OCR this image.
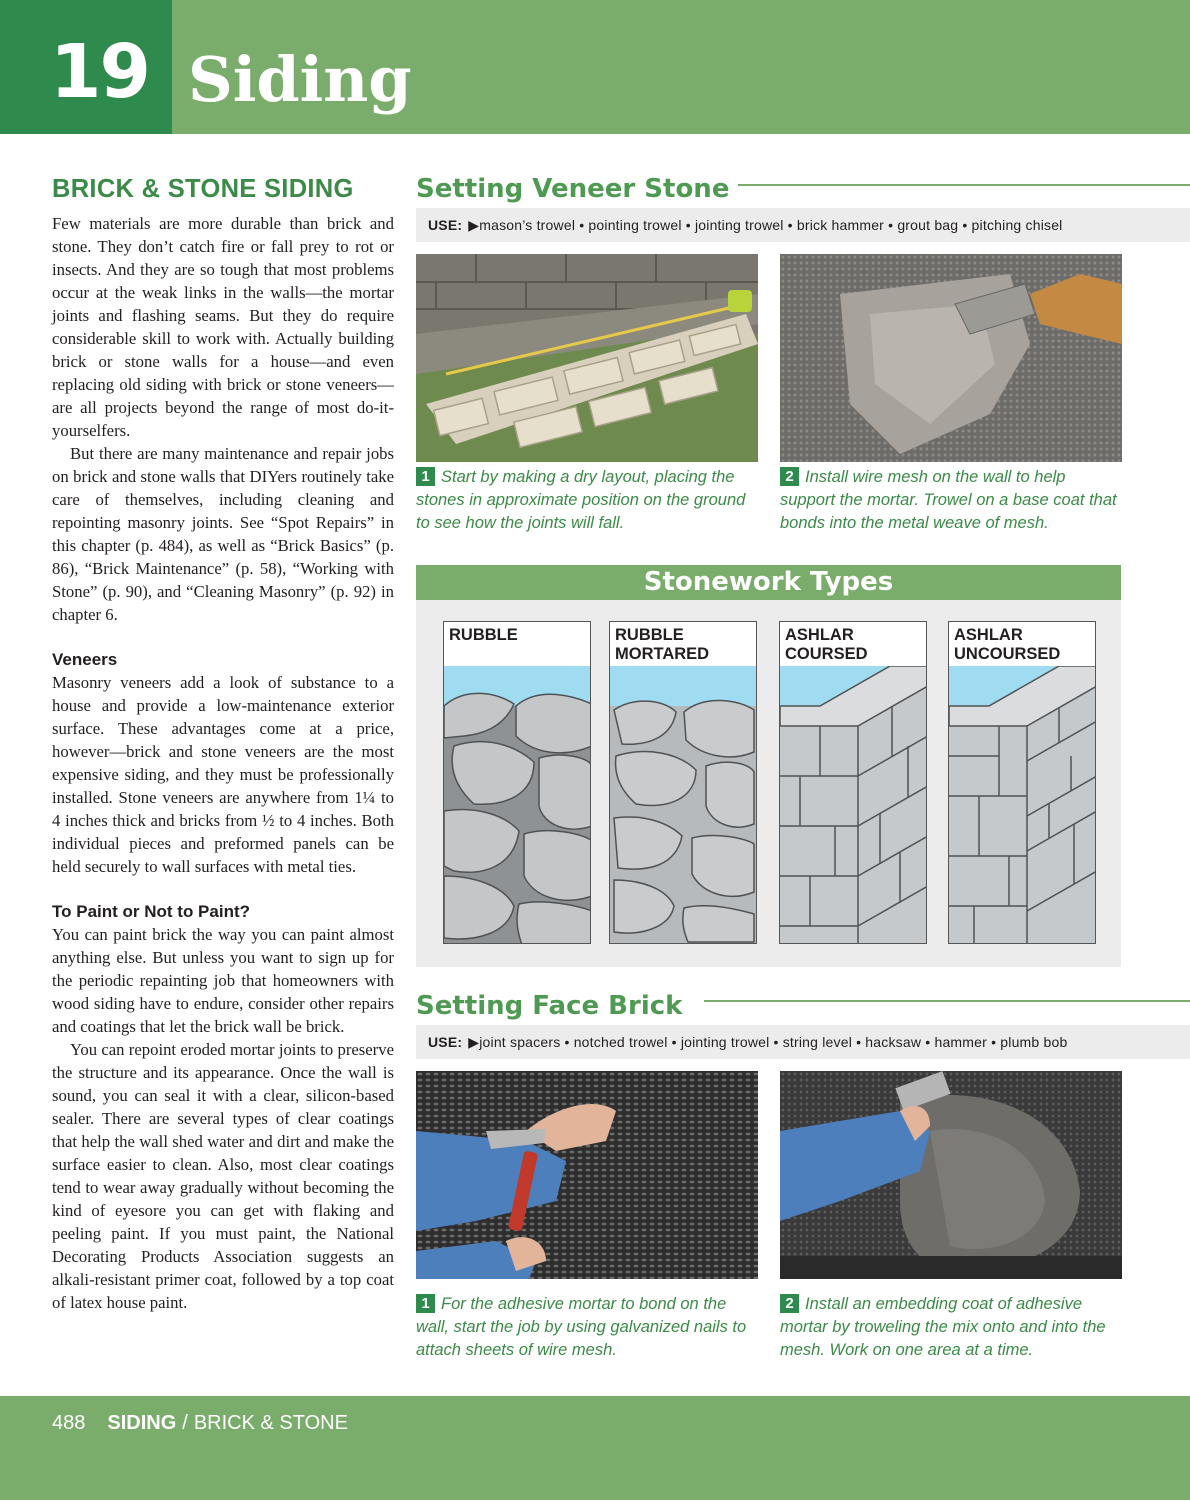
19 Siding
BRICK & STONE SIDING

Few materials are more durable than brick and stone. They don’t catch fire or fall prey to rot or insects. And they are so tough that most problems occur at the weak links in the walls—the mortar joints and flashing seams. But they do require considerable skill to work with. Actually building brick or stone walls for a house—and even replacing old siding with brick or stone veneers—are all projects beyond the range of most do-it-yourselfers.

But there are many maintenance and repair jobs on brick and stone walls that DIYers routinely take care of themselves, including cleaning and repointing masonry joints. See “Spot Repairs” in this chapter (p. 484), as well as “Brick Basics” (p. 86), “Brick Maintenance” (p. 58), “Working with Stone” (p. 90), and “Cleaning Masonry” (p. 92) in chapter 6.

Veneers

Masonry veneers add a look of substance to a house and provide a low-maintenance exterior surface. These advantages come at a price, however—brick and stone veneers are the most expensive siding, and they must be professionally installed. Stone veneers are anywhere from 1¼ to 4 inches thick and bricks from ½ to 4 inches. Both individual pieces and preformed panels can be held securely to wall surfaces with metal ties.

To Paint or Not to Paint?

You can paint brick the way you can paint almost anything else. But unless you want to sign up for the periodic repainting job that homeowners with wood siding have to endure, consider other repairs and coatings that let the brick wall be brick.

You can repoint eroded mortar joints to preserve the structure and its appearance. Once the wall is sound, you can seal it with a clear, silicon-based sealer. There are several types of clear coatings that help the wall shed water and dirt and make the surface easier to clean. Also, most clear coatings tend to wear away gradually without becoming the kind of eyesore you can get with flaking and peeling paint. If you must paint, the National Decorating Products Association suggests an alkali-resistant primer coat, followed by a top coat of latex house paint.

Setting Veneer Stone
USE: ▶mason’s trowel • pointing trowel • jointing trowel • brick hammer • grout bag • pitching chisel
1 Start by making a dry layout, placing the stones in approximate position on the ground to see how the joints will fall.
2 Install wire mesh on the wall to help support the mortar. Trowel on a base coat that bonds into the metal weave of mesh.
Stonework Types
RUBBLE	RUBBLE
MORTARED
ASHLAR
COURSED
ASHLAR
UNCOURSED
Setting Face Brick
USE: ▶joint spacers • notched trowel • jointing trowel • string level • hacksaw • hammer • plumb bob
1 For the adhesive mortar to bond on the wall, start the job by using galvanized nails to attach sheets of wire mesh.
2 Install an embedding coat of adhesive mortar by troweling the mix onto and into the mesh. Work on one area at a time.
488 SIDING / BRICK & STONE
